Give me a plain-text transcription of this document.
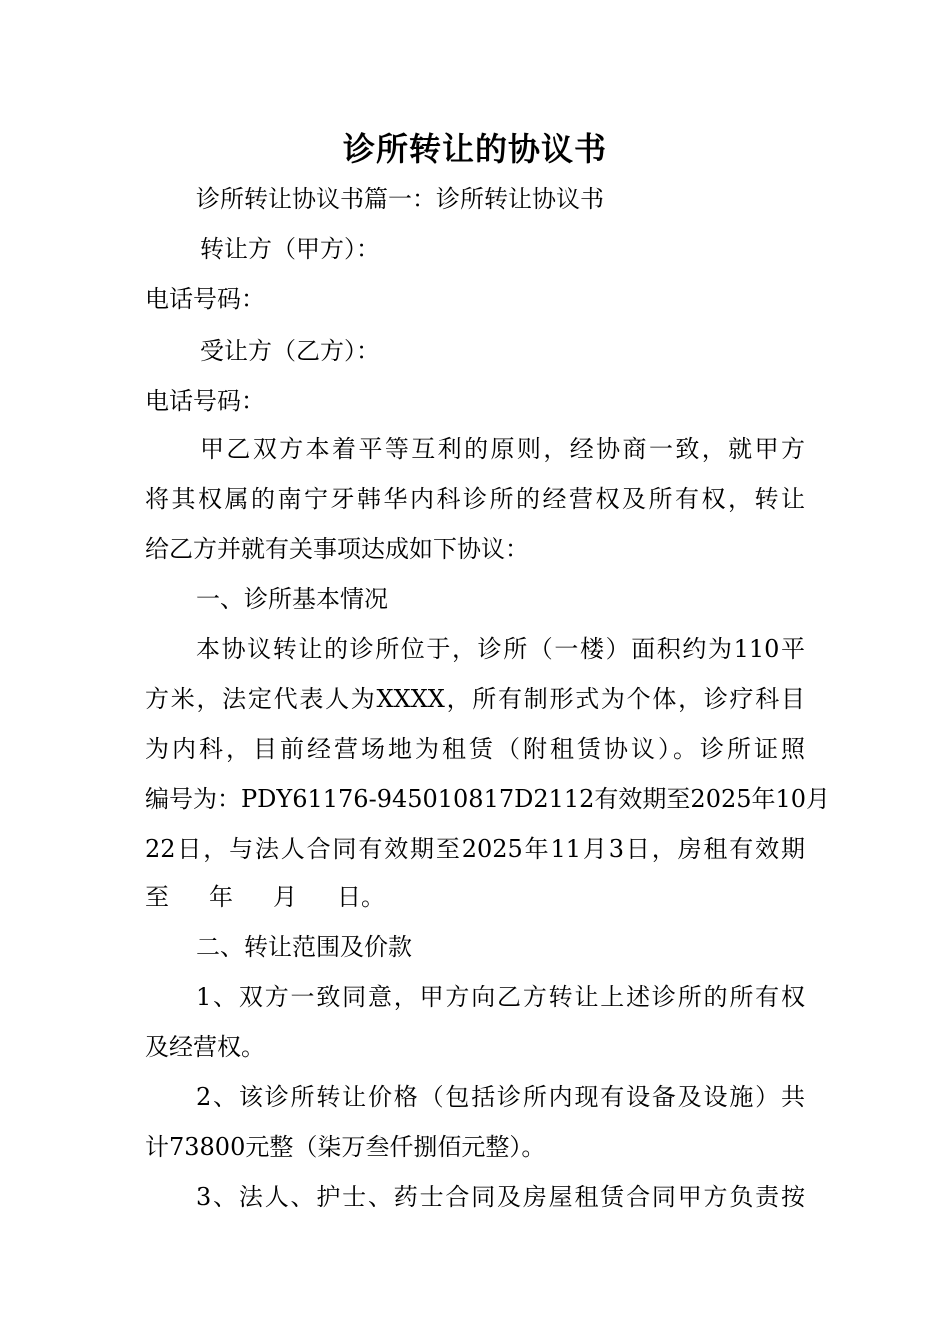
诊所转让的协议书

诊所转让协议书篇一：诊所转让协议书

转让方（甲方）：

电话号码：

受让方（乙方）：

电话号码：

甲乙双方本着平等互利的原则，经协商一致，就甲方

将其权属的南宁牙韩华内科诊所的经营权及所有权，转让

给乙方并就有关事项达成如下协议：

一、诊所基本情况

本协议转让的诊所位于，诊所（一楼）面积约为110平

方米，法定代表人为XXXX，所有制形式为个体，诊疗科目

为内科，目前经营场地为租赁（附租赁协议）。诊所证照

编号为：PDY61176-945010817D2112有效期至2025年10月

22日，与法人合同有效期至2025年11月3日，房租有效期

至 年 月 日。

二、转让范围及价款

1、双方一致同意，甲方向乙方转让上述诊所的所有权

及经营权。

2、该诊所转让价格（包括诊所内现有设备及设施）共

计73800元整（柒万叁仟捌佰元整）。

3、法人、护士、药士合同及房屋租赁合同甲方负责按
